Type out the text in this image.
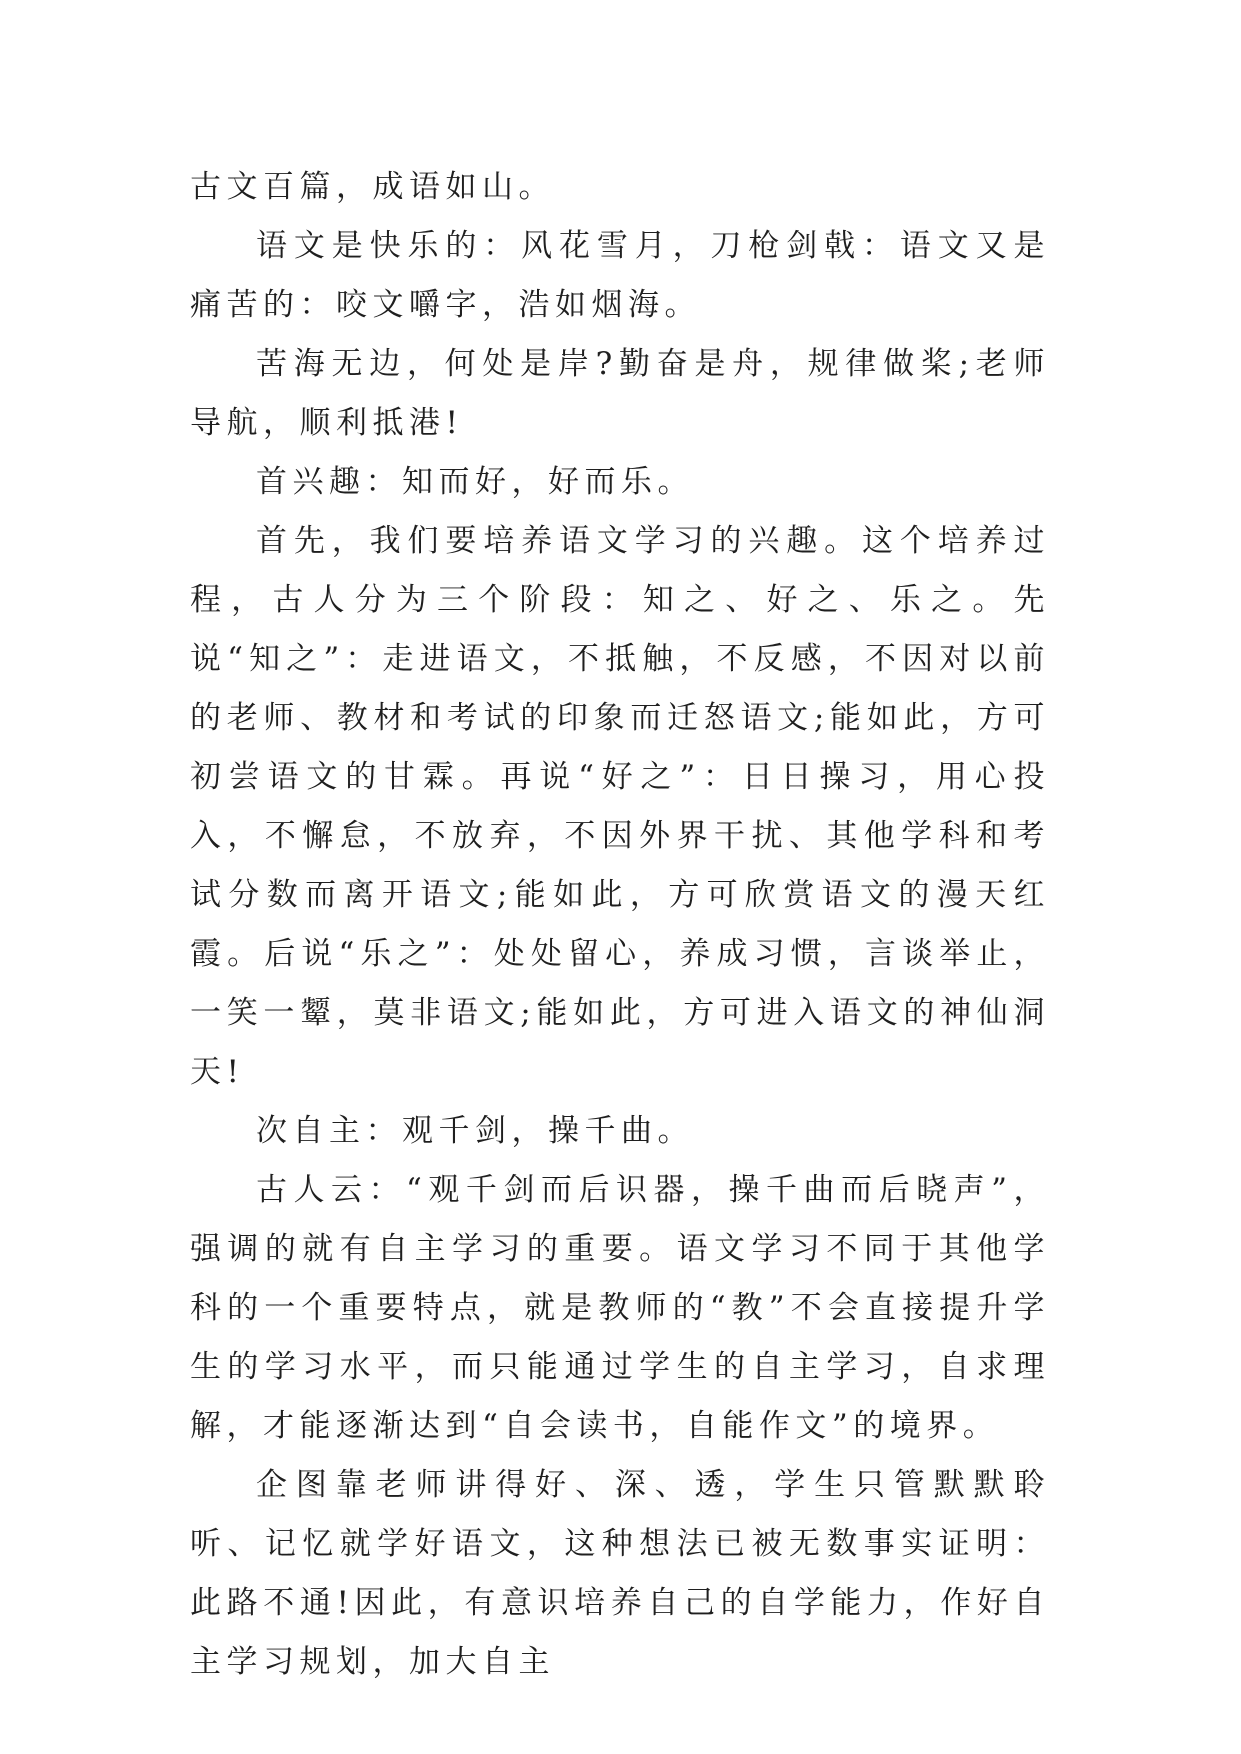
古文百篇，成语如山。

语文是快乐的：风花雪月，刀枪剑戟：语文又是痛苦的：咬文嚼字，浩如烟海。

苦海无边，何处是岸?勤奋是舟，规律做桨;老师导航，顺利抵港!

首兴趣：知而好，好而乐。

首先，我们要培养语文学习的兴趣。这个培养过程，古人分为三个阶段：知之、好之、乐之。先说“知之”：走进语文，不抵触，不反感，不因对以前的老师、教材和考试的印象而迁怒语文;能如此，方可初尝语文的甘霖。再说“好之”：日日操习，用心投入，不懈怠，不放弃，不因外界干扰、其他学科和考试分数而离开语文;能如此，方可欣赏语文的漫天红霞。后说“乐之”：处处留心，养成习惯，言谈举止，一笑一颦，莫非语文;能如此，方可进入语文的神仙洞天!

次自主：观千剑，操千曲。

古人云：“观千剑而后识器，操千曲而后晓声”，强调的就有自主学习的重要。语文学习不同于其他学科的一个重要特点，就是教师的“教”不会直接提升学生的学习水平，而只能通过学生的自主学习，自求理解，才能逐渐达到“自会读书，自能作文”的境界。

企图靠老师讲得好、深、透，学生只管默默聆听、记忆就学好语文，这种想法已被无数事实证明：此路不通!因此，有意识培养自己的自学能力，作好自主学习规划，加大自主
